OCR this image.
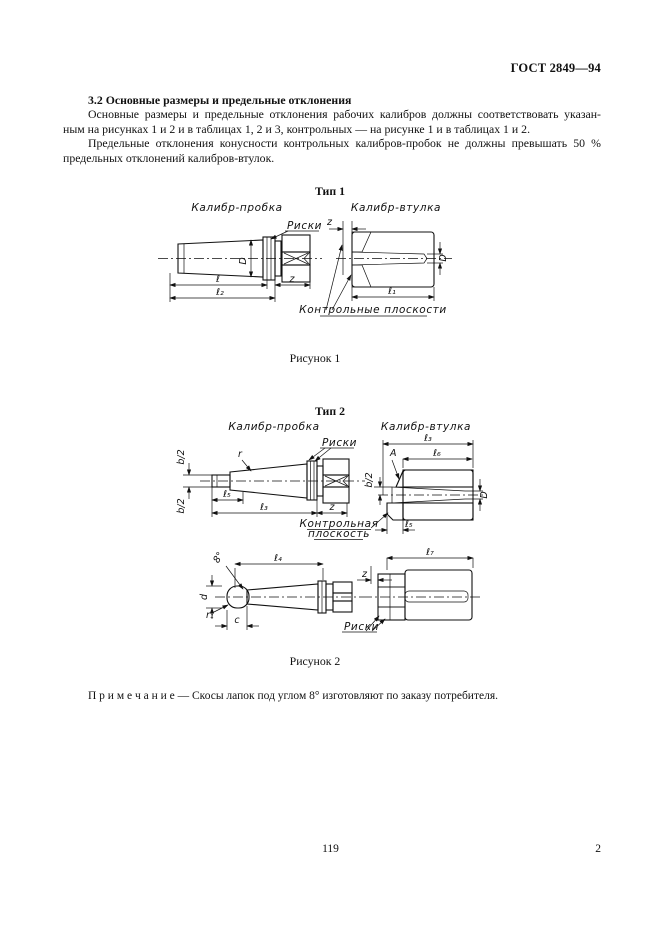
ГОСТ 2849—94
3.2 Основные размеры и предельные отклонения
Основные размеры и предельные отклонения рабочих калибров должны соответствовать указан-
ным на рисунках 1 и 2 и в таблицах 1, 2 и 3, контрольных — на рисунке 1 и в таблицах 1 и 2.
Предельные отклонения конусности контрольных калибров-пробок не должны превышать 50 %
предельных отклонений калибров-втулок.
Тип 1
Калибр-пробка	Калибр-втулка
Риски
D
ℓ	z
ℓ₂
z
D
ℓ₁
Контрольные плоскости
Рисунок 1
Тип 2
Калибр-пробка	Калибр-втулка
Риски
r
b/2
b/2
ℓ₅
ℓ₃	z
ℓ₃
ℓ₆
А
b/2
D
Контрольная
плоскость
ℓ₅
ℓ₄
8°
d
r₁ c
ℓ₇
z
Риски
Рисунок 2
П р и м е ч а н и е — Скосы лапок под углом 8° изготовляют по заказу потребителя.
119	2
